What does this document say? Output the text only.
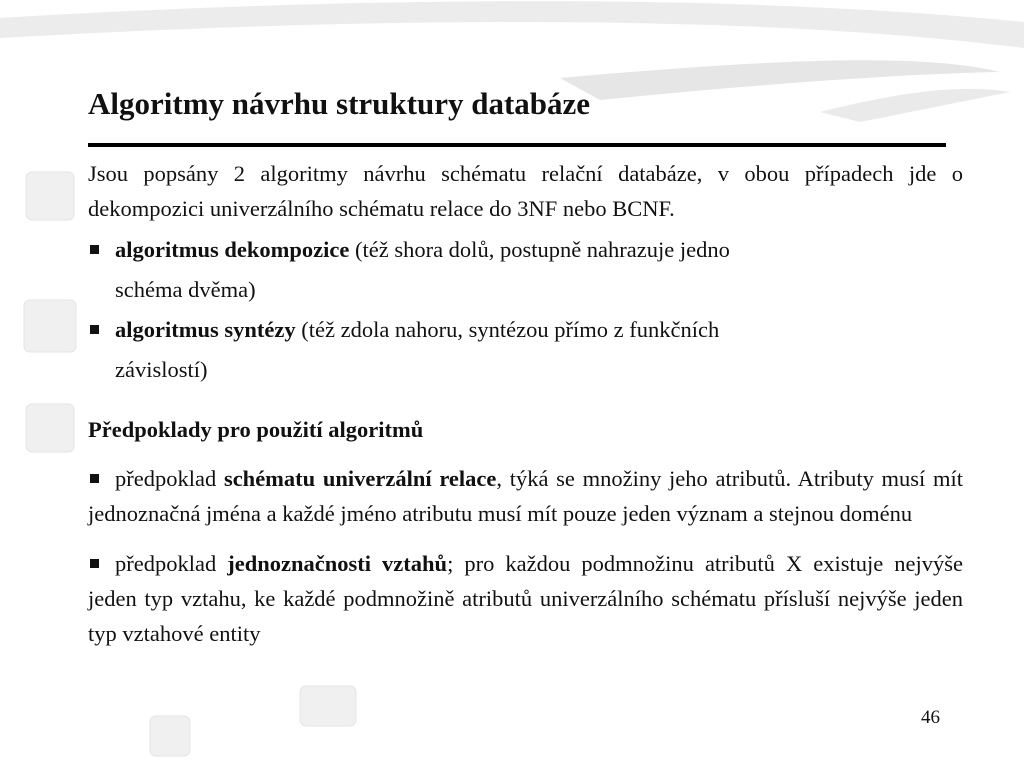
Algoritmy návrhu struktury databáze
Jsou popsány 2 algoritmy návrhu schématu relační databáze, v obou případech jde o dekompozici univerzálního schématu relace do 3NF nebo BCNF.
algoritmus dekompozice (též shora dolů, postupně nahrazuje jedno
schéma dvěma)
algoritmus syntézy (též zdola nahoru, syntézou přímo z funkčních
závislostí)
Předpoklady pro použití algoritmů
předpoklad schématu univerzální relace, týká se množiny jeho atributů. Atributy musí mít jednoznačná jména a každé jméno atributu musí mít pouze jeden význam a stejnou doménu
předpoklad jednoznačnosti vztahů; pro každou podmnožinu atributů X existuje nejvýše jeden typ vztahu, ke každé podmnožině atributů univerzálního schématu přísluší nejvýše jeden typ vztahové entity
46
